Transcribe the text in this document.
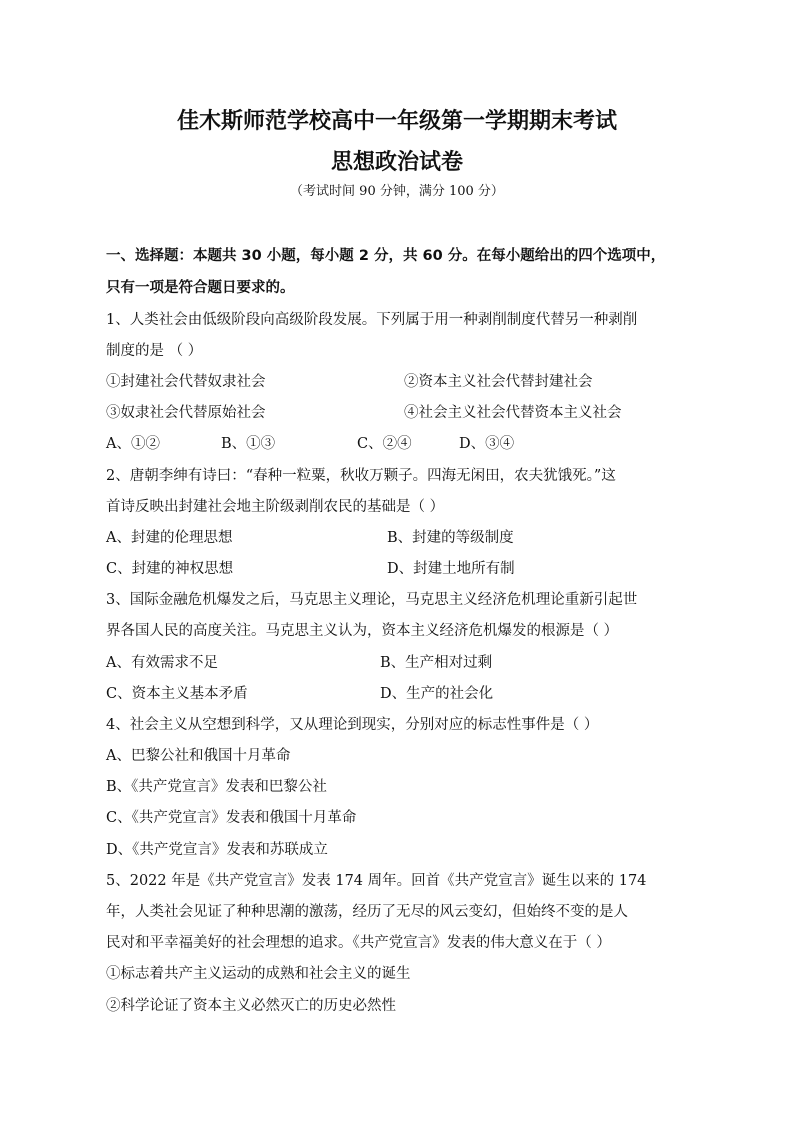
佳木斯师范学校高中一年级第一学期期末考试
思想政治试卷
（考试时间 90 分钟，满分 100 分）
一、选择题：本题共 30 小题，每小题 2 分，共 60 分。在每小题给出的四个选项中，
只有一项是符合题日要求的。
1、人类社会由低级阶段向高级阶段发展。下列属于用一种剥削制度代替另一种剥削
制度的是 （ ）
①封建社会代替奴隶社会	②资本主义社会代替封建社会
③奴隶社会代替原始社会	④社会主义社会代替资本主义社会
A、①②	B、①③	C、②④	D、③④
2、唐朝李绅有诗曰：“春种一粒粟，秋收万颗子。四海无闲田，农夫犹饿死。”这
首诗反映出封建社会地主阶级剥削农民的基础是（ ）
A、封建的伦理思想	B、封建的等级制度
C、封建的神权思想	D、封建土地所有制
3、国际金融危机爆发之后，马克思主义理论，马克思主义经济危机理论重新引起世
界各国人民的高度关注。马克思主义认为，资本主义经济危机爆发的根源是（ ）
A、有效需求不足	B、生产相对过剩
C、资本主义基本矛盾	D、生产的社会化
4、社会主义从空想到科学，又从理论到现实，分别对应的标志性事件是（ ）
A、巴黎公社和俄国十月革命
B、《共产党宣言》发表和巴黎公社
C、《共产党宣言》发表和俄国十月革命
D、《共产党宣言》发表和苏联成立
5、2022 年是《共产党宣言》发表 174 周年。回首《共产党宣言》诞生以来的 174
年，人类社会见证了种种思潮的激荡，经历了无尽的风云变幻，但始终不变的是人
民对和平幸福美好的社会理想的追求。《共产党宣言》发表的伟大意义在于（ ）
①标志着共产主义运动的成熟和社会主义的诞生
②科学论证了资本主义必然灭亡的历史必然性
